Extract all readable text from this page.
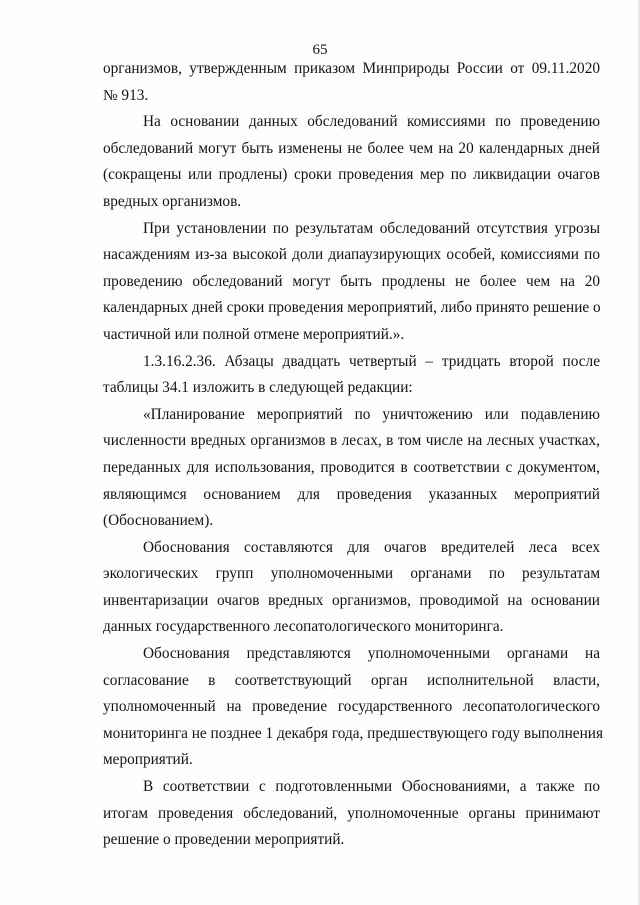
65
организмов, утвержденным приказом Минприроды России от 09.11.2020
№ 913.
На основании данных обследований комиссиями по проведению
обследований могут быть изменены не более чем на 20 календарных дней
(сокращены или продлены) сроки проведения мер по ликвидации очагов
вредных организмов.
При установлении по результатам обследований отсутствия угрозы
насаждениям из-за высокой доли диапаузирующих особей, комиссиями по
проведению обследований могут быть продлены не более чем на 20
календарных дней сроки проведения мероприятий, либо принято решение о
частичной или полной отмене мероприятий.».
1.3.16.2.36. Абзацы двадцать четвертый – тридцать второй после
таблицы 34.1 изложить в следующей редакции:
«Планирование мероприятий по уничтожению или подавлению
численности вредных организмов в лесах, в том числе на лесных участках,
переданных для использования, проводится в соответствии с документом,
являющимся основанием для проведения указанных мероприятий
(Обоснованием).
Обоснования составляются для очагов вредителей леса всех
экологических групп уполномоченными органами по результатам
инвентаризации очагов вредных организмов, проводимой на основании
данных государственного лесопатологического мониторинга.
Обоснования представляются уполномоченными органами на
согласование в соответствующий орган исполнительной власти,
уполномоченный на проведение государственного лесопатологического
мониторинга не позднее 1 декабря года, предшествующего году выполнения
мероприятий.
В соответствии с подготовленными Обоснованиями, а также по
итогам проведения обследований, уполномоченные органы принимают
решение о проведении мероприятий.
